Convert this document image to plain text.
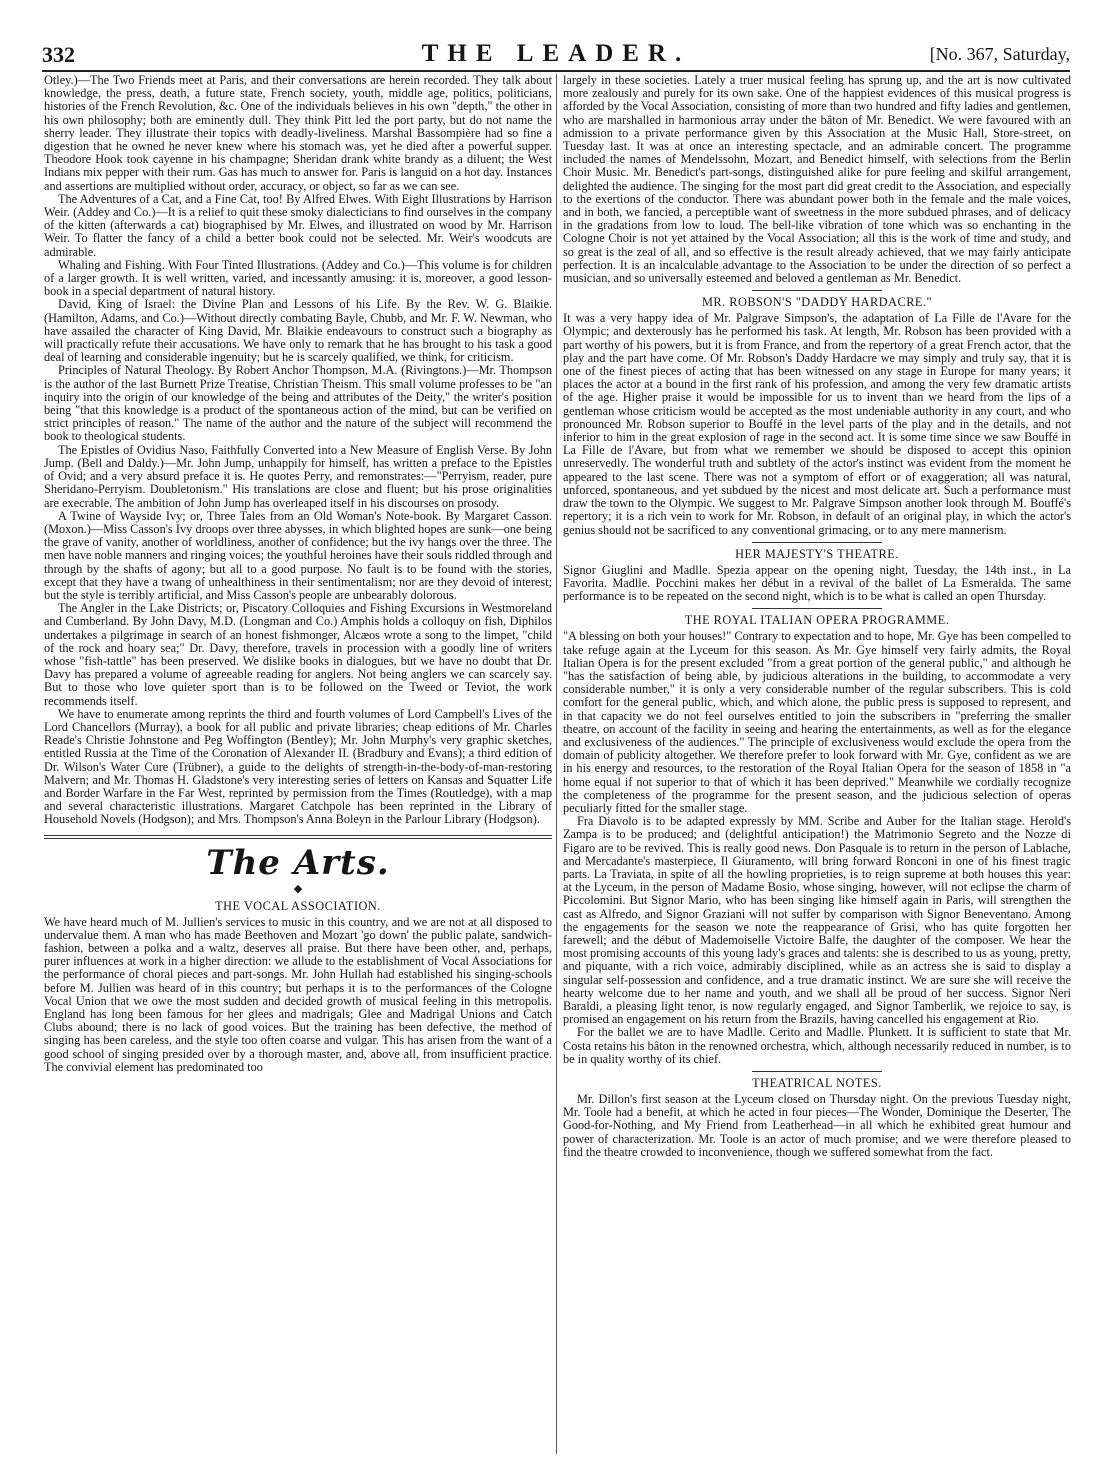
332	THE LEADER.	[No. 367, Saturday,

Otley.)—The Two Friends meet at Paris, and their conversations are herein recorded. They talk about knowledge, the press, death, a future state, French society, youth, middle age, politics, politicians, histories of the French Revolution, &c. One of the individuals believes in his own "depth," the other in his own philosophy; both are eminently dull. They think Pitt led the port party, but do not name the sherry leader. They illustrate their topics with deadly-liveliness. Marshal Bassompière had so fine a digestion that he owned he never knew where his stomach was, yet he died after a powerful supper. Theodore Hook took cayenne in his champagne; Sheridan drank white brandy as a diluent; the West Indians mix pepper with their rum. Gas has much to answer for. Paris is languid on a hot day. Instances and assertions are multiplied without order, accuracy, or object, so far as we can see.

The Adventures of a Cat, and a Fine Cat, too! By Alfred Elwes. With Eight Illustrations by Harrison Weir. (Addey and Co.)—It is a relief to quit these smoky dialecticians to find ourselves in the company of the kitten (afterwards a cat) biographised by Mr. Elwes, and illustrated on wood by Mr. Harrison Weir. To flatter the fancy of a child a better book could not be selected. Mr. Weir's woodcuts are admirable.

Whaling and Fishing. With Four Tinted Illustrations. (Addey and Co.)—This volume is for children of a larger growth. It is well written, varied, and incessantly amusing: it is, moreover, a good lesson-book in a special department of natural history.

David, King of Israel: the Divine Plan and Lessons of his Life. By the Rev. W. G. Blaikie. (Hamilton, Adams, and Co.)—Without directly combating Bayle, Chubb, and Mr. F. W. Newman, who have assailed the character of King David, Mr. Blaikie endeavours to construct such a biography as will practically refute their accusations. We have only to remark that he has brought to his task a good deal of learning and considerable ingenuity; but he is scarcely qualified, we think, for criticism.

Principles of Natural Theology. By Robert Anchor Thompson, M.A. (Rivingtons.)—Mr. Thompson is the author of the last Burnett Prize Treatise, Christian Theism. This small volume professes to be "an inquiry into the origin of our knowledge of the being and attributes of the Deity," the writer's position being "that this knowledge is a product of the spontaneous action of the mind, but can be verified on strict principles of reason." The name of the author and the nature of the subject will recommend the book to theological students.

The Epistles of Ovidius Naso, Faithfully Converted into a New Measure of English Verse. By John Jump. (Bell and Daldy.)—Mr. John Jump, unhappily for himself, has written a preface to the Epistles of Ovid; and a very absurd preface it is. He quotes Perry, and remonstrates:—"Perryism, reader, pure Sheridano-Perryism. Doubletonism." His translations are close and fluent; but his prose originalities are execrable. The ambition of John Jump has overleaped itself in his discourses on prosody.

A Twine of Wayside Ivy; or, Three Tales from an Old Woman's Note-book. By Margaret Casson. (Moxon.)—Miss Casson's Ivy droops over three abysses, in which blighted hopes are sunk—one being the grave of vanity, another of worldliness, another of confidence; but the ivy hangs over the three. The men have noble manners and ringing voices; the youthful heroines have their souls riddled through and through by the shafts of agony; but all to a good purpose. No fault is to be found with the stories, except that they have a twang of unhealthiness in their sentimentalism; nor are they devoid of interest; but the style is terribly artificial, and Miss Casson's people are unbearably dolorous.

The Angler in the Lake Districts; or, Piscatory Colloquies and Fishing Excursions in Westmoreland and Cumberland. By John Davy, M.D. (Longman and Co.) Amphis holds a colloquy on fish, Diphilos undertakes a pilgrimage in search of an honest fishmonger, Alcæos wrote a song to the limpet, "child of the rock and hoary sea;" Dr. Davy, therefore, travels in procession with a goodly line of writers whose "fish-tattle" has been preserved. We dislike books in dialogues, but we have no doubt that Dr. Davy has prepared a volume of agreeable reading for anglers. Not being anglers we can scarcely say. But to those who love quieter sport than is to be followed on the Tweed or Teviot, the work recommends itself.

We have to enumerate among reprints the third and fourth volumes of Lord Campbell's Lives of the Lord Chancellors (Murray), a book for all public and private libraries; cheap editions of Mr. Charles Reade's Christie Johnstone and Peg Woffington (Bentley); Mr. John Murphy's very graphic sketches, entitled Russia at the Time of the Coronation of Alexander II. (Bradbury and Evans); a third edition of Dr. Wilson's Water Cure (Trübner), a guide to the delights of strength-in-the-body-of-man-restoring Malvern; and Mr. Thomas H. Gladstone's very interesting series of letters on Kansas and Squatter Life and Border Warfare in the Far West, reprinted by permission from the Times (Routledge), with a map and several characteristic illustrations. Margaret Catchpole has been reprinted in the Library of Household Novels (Hodgson); and Mrs. Thompson's Anna Boleyn in the Parlour Library (Hodgson).

The Arts.
◆
THE VOCAL ASSOCIATION.

We have heard much of M. Jullien's services to music in this country, and we are not at all disposed to undervalue them. A man who has made Beethoven and Mozart 'go down' the public palate, sandwich-fashion, between a polka and a waltz, deserves all praise. But there have been other, and, perhaps, purer influences at work in a higher direction: we allude to the establishment of Vocal Associations for the performance of choral pieces and part-songs. Mr. John Hullah had established his singing-schools before M. Jullien was heard of in this country; but perhaps it is to the performances of the Cologne Vocal Union that we owe the most sudden and decided growth of musical feeling in this metropolis. England has long been famous for her glees and madrigals; Glee and Madrigal Unions and Catch Clubs abound; there is no lack of good voices. But the training has been defective, the method of singing has been careless, and the style too often coarse and vulgar. This has arisen from the want of a good school of singing presided over by a thorough master, and, above all, from insufficient practice. The convivial element has predominated too

largely in these societies. Lately a truer musical feeling has sprung up, and the art is now cultivated more zealously and purely for its own sake. One of the happiest evidences of this musical progress is afforded by the Vocal Association, consisting of more than two hundred and fifty ladies and gentlemen, who are marshalled in harmonious array under the bâton of Mr. Benedict. We were favoured with an admission to a private performance given by this Association at the Music Hall, Store-street, on Tuesday last. It was at once an interesting spectacle, and an admirable concert. The programme included the names of Mendelssohn, Mozart, and Benedict himself, with selections from the Berlin Choir Music. Mr. Benedict's part-songs, distinguished alike for pure feeling and skilful arrangement, delighted the audience. The singing for the most part did great credit to the Association, and especially to the exertions of the conductor. There was abundant power both in the female and the male voices, and in both, we fancied, a perceptible want of sweetness in the more subdued phrases, and of delicacy in the gradations from low to loud. The bell-like vibration of tone which was so enchanting in the Cologne Choir is not yet attained by the Vocal Association; all this is the work of time and study, and so great is the zeal of all, and so effective is the result already achieved, that we may fairly anticipate perfection. It is an incalculable advantage to the Association to be under the direction of so perfect a musician, and so universally esteemed and beloved a gentleman as Mr. Benedict.

MR. ROBSON'S "DADDY HARDACRE."

It was a very happy idea of Mr. Palgrave Simpson's, the adaptation of La Fille de l'Avare for the Olympic; and dexterously has he performed his task. At length, Mr. Robson has been provided with a part worthy of his powers, but it is from France, and from the repertory of a great French actor, that the play and the part have come. Of Mr. Robson's Daddy Hardacre we may simply and truly say, that it is one of the finest pieces of acting that has been witnessed on any stage in Europe for many years; it places the actor at a bound in the first rank of his profession, and among the very few dramatic artists of the age. Higher praise it would be impossible for us to invent than we heard from the lips of a gentleman whose criticism would be accepted as the most undeniable authority in any court, and who pronounced Mr. Robson superior to Bouffé in the level parts of the play and in the details, and not inferior to him in the great explosion of rage in the second act. It is some time since we saw Bouffé in La Fille de l'Avare, but from what we remember we should be disposed to accept this opinion unreservedly. The wonderful truth and subtlety of the actor's instinct was evident from the moment he appeared to the last scene. There was not a symptom of effort or of exaggeration; all was natural, unforced, spontaneous, and yet subdued by the nicest and most delicate art. Such a performance must draw the town to the Olympic. We suggest to Mr. Palgrave Simpson another look through M. Bouffé's repertory; it is a rich vein to work for Mr. Robson, in default of an original play, in which the actor's genius should not be sacrificed to any conventional grimacing, or to any mere mannerism.

HER MAJESTY'S THEATRE.

Signor Giuglini and Madlle. Spezia appear on the opening night, Tuesday, the 14th inst., in La Favorita. Madlle. Pocchini makes her début in a revival of the ballet of La Esmeralda. The same performance is to be repeated on the second night, which is to be what is called an open Thursday.

THE ROYAL ITALIAN OPERA PROGRAMME.

"A blessing on both your houses!" Contrary to expectation and to hope, Mr. Gye has been compelled to take refuge again at the Lyceum for this season. As Mr. Gye himself very fairly admits, the Royal Italian Opera is for the present excluded "from a great portion of the general public," and although he "has the satisfaction of being able, by judicious alterations in the building, to accommodate a very considerable number," it is only a very considerable number of the regular subscribers. This is cold comfort for the general public, which, and which alone, the public press is supposed to represent, and in that capacity we do not feel ourselves entitled to join the subscribers in "preferring the smaller theatre, on account of the facility in seeing and hearing the entertainments, as well as for the elegance and exclusiveness of the audiences." The principle of exclusiveness would exclude the opera from the domain of publicity altogether. We therefore prefer to look forward with Mr. Gye, confident as we are in his energy and resources, to the restoration of the Royal Italian Opera for the season of 1858 in "a home equal if not superior to that of which it has been deprived." Meanwhile we cordially recognize the completeness of the programme for the present season, and the judicious selection of operas peculiarly fitted for the smaller stage.

Fra Diavolo is to be adapted expressly by MM. Scribe and Auber for the Italian stage. Herold's Zampa is to be produced; and (delightful anticipation!) the Matrimonio Segreto and the Nozze di Figaro are to be revived. This is really good news. Don Pasquale is to return in the person of Lablache, and Mercadante's masterpiece, Il Giuramento, will bring forward Ronconi in one of his finest tragic parts. La Traviata, in spite of all the howling proprieties, is to reign supreme at both houses this year: at the Lyceum, in the person of Madame Bosio, whose singing, however, will not eclipse the charm of Piccolomini. But Signor Mario, who has been singing like himself again in Paris, will strengthen the cast as Alfredo, and Signor Graziani will not suffer by comparison with Signor Beneventano. Among the engagements for the season we note the reappearance of Grisi, who has quite forgotten her farewell; and the début of Mademoiselle Victoire Balfe, the daughter of the composer. We hear the most promising accounts of this young lady's graces and talents: she is described to us as young, pretty, and piquante, with a rich voice, admirably disciplined, while as an actress she is said to display a singular self-possession and confidence, and a true dramatic instinct. We are sure she will receive the hearty welcome due to her name and youth, and we shall all be proud of her success. Signor Neri Baraldi, a pleasing light tenor, is now regularly engaged, and Signor Tamberlik, we rejoice to say, is promised an engagement on his return from the Brazils, having cancelled his engagement at Rio.

For the ballet we are to have Madlle. Cerito and Madlle. Plunkett. It is sufficient to state that Mr. Costa retains his bâton in the renowned orchestra, which, although necessarily reduced in number, is to be in quality worthy of its chief.

THEATRICAL NOTES.

Mr. Dillon's first season at the Lyceum closed on Thursday night. On the previous Tuesday night, Mr. Toole had a benefit, at which he acted in four pieces—The Wonder, Dominique the Deserter, The Good-for-Nothing, and My Friend from Leatherhead—in all which he exhibited great humour and power of characterization. Mr. Toole is an actor of much promise; and we were therefore pleased to find the theatre crowded to inconvenience, though we suffered somewhat from the fact.
